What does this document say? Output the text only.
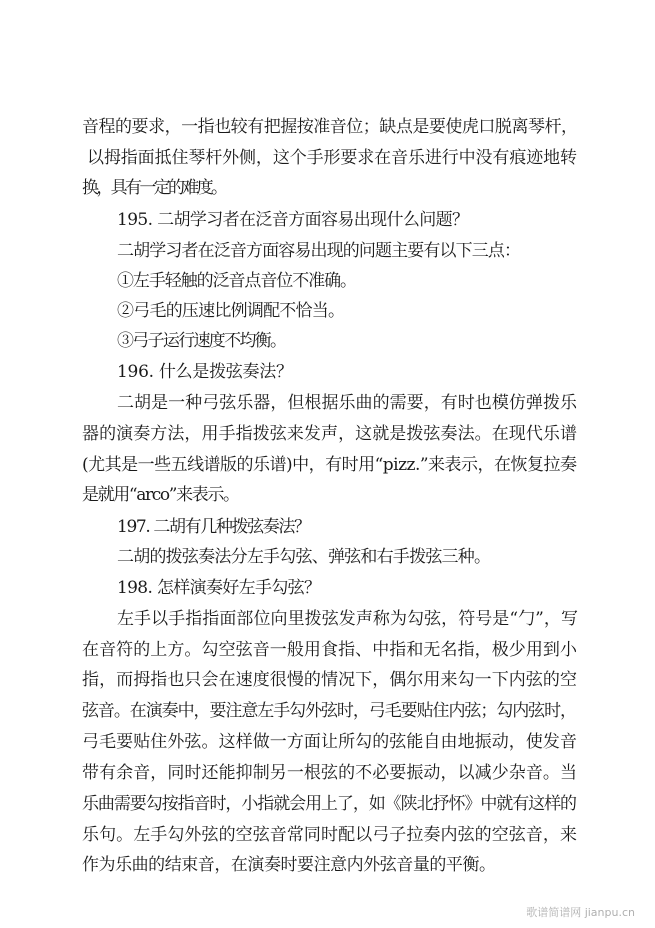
音程的要求，一指也较有把握按准音位；缺点是要使虎口脱离琴杆，
以拇指面抵住琴杆外侧，这个手形要求在音乐进行中没有痕迹地转
换，具有一定的难度。
195. 二胡学习者在泛音方面容易出现什么问题？
二胡学习者在泛音方面容易出现的问题主要有以下三点：
①左手轻触的泛音点音位不准确。
②弓毛的压速比例调配不恰当。
③弓子运行速度不均衡。
196. 什么是拨弦奏法？
二胡是一种弓弦乐器，但根据乐曲的需要，有时也模仿弹拨乐
器的演奏方法，用手指拨弦来发声，这就是拨弦奏法。在现代乐谱
(尤其是一些五线谱版的乐谱)中，有时用“pizz.”来表示，在恢复拉奏
是就用“arco”来表示。
197. 二胡有几种拨弦奏法？
二胡的拨弦奏法分左手勾弦、弹弦和右手拨弦三种。
198. 怎样演奏好左手勾弦？
左手以手指指面部位向里拨弦发声称为勾弦，符号是“勹”，写
在音符的上方。勾空弦音一般用食指、中指和无名指，极少用到小
指，而拇指也只会在速度很慢的情况下，偶尔用来勾一下内弦的空
弦音。在演奏中，要注意左手勾外弦时，弓毛要贴住内弦；勾内弦时，
弓毛要贴住外弦。这样做一方面让所勾的弦能自由地振动，使发音
带有余音，同时还能抑制另一根弦的不必要振动，以减少杂音。当
乐曲需要勾按指音时，小指就会用上了，如《陕北抒怀》中就有这样的
乐句。左手勾外弦的空弦音常同时配以弓子拉奏内弦的空弦音，来
作为乐曲的结束音，在演奏时要注意内外弦音量的平衡。
歌谱简谱网 jianpu.cn
